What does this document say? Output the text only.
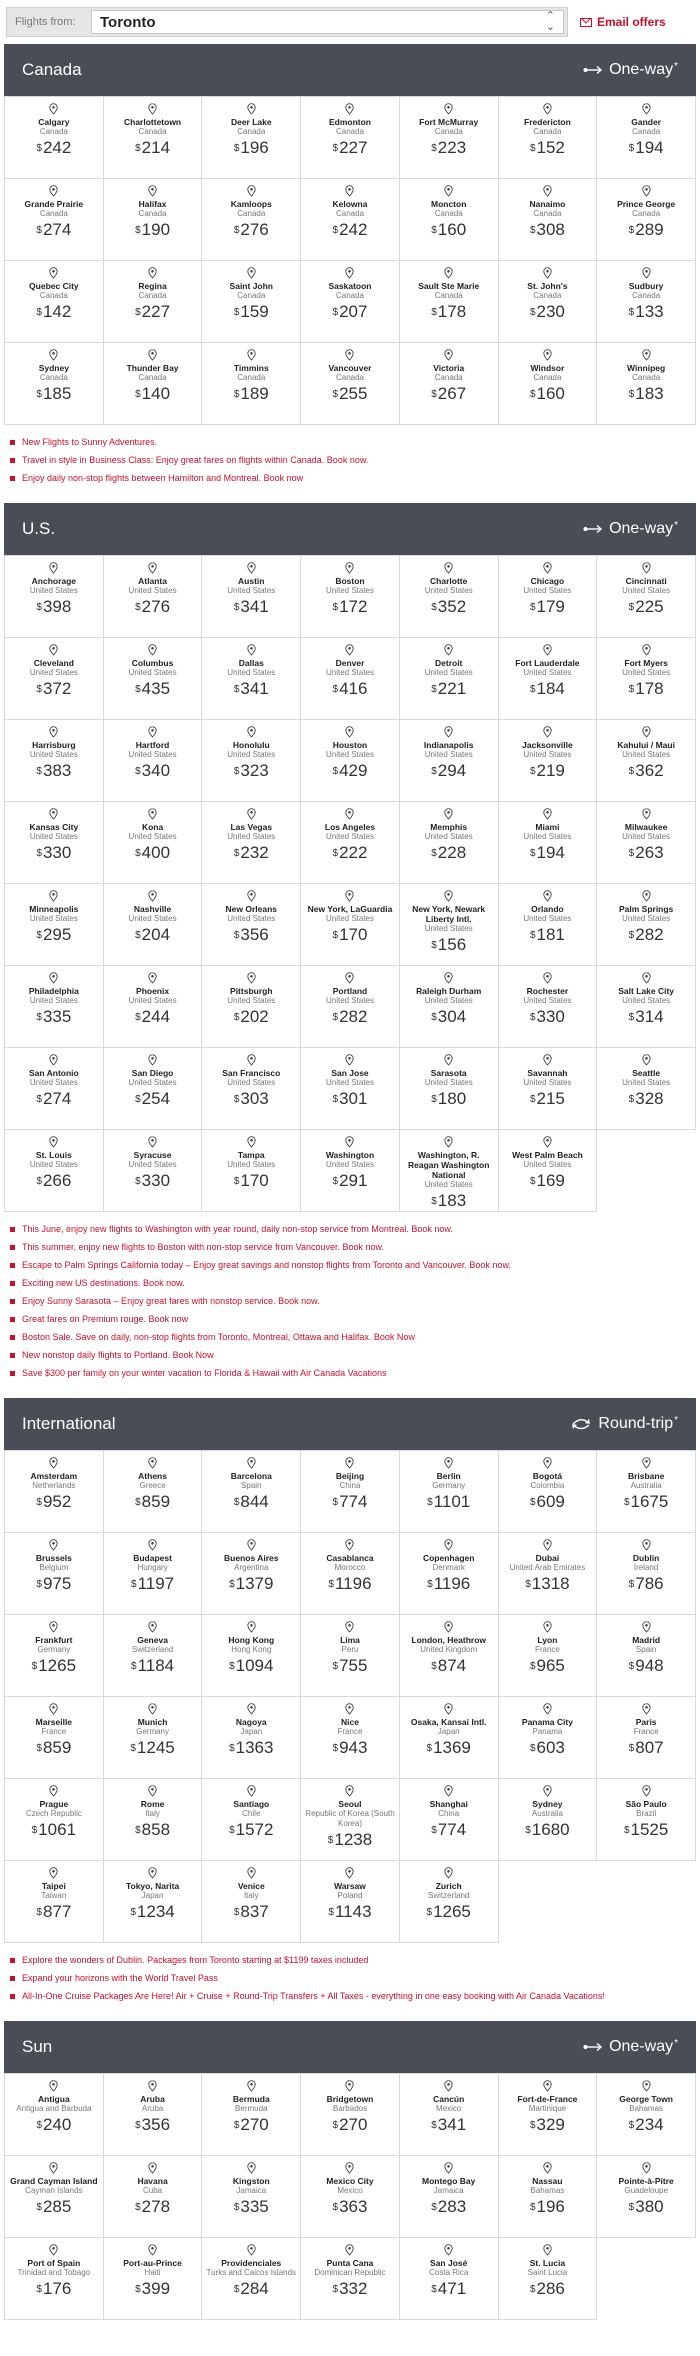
Flights from:	Toronto	⌃
⌄	Email offers
Canada	One-way *
Calgary
Canada
$242
Charlottetown
Canada
$214
Deer Lake
Canada
$196
Edmonton
Canada
$227
Fort McMurray
Canada
$223
Fredericton
Canada
$152
Gander
Canada
$194
Grande Prairie
Canada
$274
Halifax
Canada
$190
Kamloops
Canada
$276
Kelowna
Canada
$242
Moncton
Canada
$160
Nanaimo
Canada
$308
Prince George
Canada
$289
Quebec City
Canada
$142
Regina
Canada
$227
Saint John
Canada
$159
Saskatoon
Canada
$207
Sault Ste Marie
Canada
$178
St. John's
Canada
$230
Sudbury
Canada
$133
Sydney
Canada
$185
Thunder Bay
Canada
$140
Timmins
Canada
$189
Vancouver
Canada
$255
Victoria
Canada
$267
Windsor
Canada
$160
Winnipeg
Canada
$183
New Flights to Sunny Adventures.
Travel in style in Business Class: Enjoy great fares on flights within Canada. Book now.
Enjoy daily non-stop flights between Hamilton and Montreal. Book now
U.S.	One-way *
Anchorage
United States
$398
Atlanta
United States
$276
Austin
United States
$341
Boston
United States
$172
Charlotte
United States
$352
Chicago
United States
$179
Cincinnati
United States
$225
Cleveland
United States
$372
Columbus
United States
$435
Dallas
United States
$341
Denver
United States
$416
Detroit
United States
$221
Fort Lauderdale
United States
$184
Fort Myers
United States
$178
Harrisburg
United States
$383
Hartford
United States
$340
Honolulu
United States
$323
Houston
United States
$429
Indianapolis
United States
$294
Jacksonville
United States
$219
Kahului / Maui
United States
$362
Kansas City
United States
$330
Kona
United States
$400
Las Vegas
United States
$232
Los Angeles
United States
$222
Memphis
United States
$228
Miami
United States
$194
Milwaukee
United States
$263
Minneapolis
United States
$295
Nashville
United States
$204
New Orleans
United States
$356
New York, LaGuardia
United States
$170
New York, Newark Liberty Intl.
United States
$156
Orlando
United States
$181
Palm Springs
United States
$282
Philadelphia
United States
$335
Phoenix
United States
$244
Pittsburgh
United States
$202
Portland
United States
$282
Raleigh Durham
United States
$304
Rochester
United States
$330
Salt Lake City
United States
$314
San Antonio
United States
$274
San Diego
United States
$254
San Francisco
United States
$303
San Jose
United States
$301
Sarasota
United States
$180
Savannah
United States
$215
Seattle
United States
$328
St. Louis
United States
$266
Syracuse
United States
$330
Tampa
United States
$170
Washington
United States
$291
Washington, R. Reagan Washington National
United States
$183
West Palm Beach
United States
$169
This June, enjoy new flights to Washington with year round, daily non-stop service from Montreal. Book now.
This summer, enjoy new flights to Boston with non-stop service from Vancouver. Book now.
Escape to Palm Springs California today – Enjoy great savings and nonstop flights from Toronto and Vancouver. Book now.
Exciting new US destinations. Book now.
Enjoy Sunny Sarasota – Enjoy great fares with nonstop service. Book now.
Great fares on Premium rouge. Book now
Boston Sale. Save on daily, non-stop flights from Toronto, Montreal, Ottawa and Halifax. Book Now
New nonstop daily flights to Portland. Book Now
Save $300 per family on your winter vacation to Florida & Hawaii with Air Canada Vacations
International	Round-trip *
Amsterdam
Netherlands
$952
Athens
Greece
$859
Barcelona
Spain
$844
Beijing
China
$774
Berlin
Germany
$1101
Bogotá
Colombia
$609
Brisbane
Australia
$1675
Brussels
Belgium
$975
Budapest
Hungary
$1197
Buenos Aires
Argentina
$1379
Casablanca
Morocco
$1196
Copenhagen
Denmark
$1196
Dubai
United Arab Emirates
$1318
Dublin
Ireland
$786
Frankfurt
Germany
$1265
Geneva
Switzerland
$1184
Hong Kong
Hong Kong
$1094
Lima
Peru
$755
London, Heathrow
United Kingdom
$874
Lyon
France
$965
Madrid
Spain
$948
Marseille
France
$859
Munich
Germany
$1245
Nagoya
Japan
$1363
Nice
France
$943
Osaka, Kansai Intl.
Japan
$1369
Panama City
Panama
$603
Paris
France
$807
Prague
Czech Republic
$1061
Rome
Italy
$858
Santiago
Chile
$1572
Seoul
Republic of Korea (South Korea)
$1238
Shanghai
China
$774
Sydney
Australia
$1680
São Paulo
Brazil
$1525
Taipei
Taiwan
$877
Tokyo, Narita
Japan
$1234
Venice
Italy
$837
Warsaw
Poland
$1143
Zurich
Switzerland
$1265
Explore the wonders of Dublin. Packages from Toronto starting at $1199 taxes included
Expand your horizons with the World Travel Pass
All-In-One Cruise Packages Are Here! Air + Cruise + Round-Trip Transfers + All Taxes - everything in one easy booking with Air Canada Vacations!
Sun	One-way *
Antigua
Antigua and Barbuda
$240
Aruba
Aruba
$356
Bermuda
Bermuda
$270
Bridgetown
Barbados
$270
Cancún
Mexico
$341
Fort-de-France
Martinique
$329
George Town
Bahamas
$234
Grand Cayman Island
Cayman Islands
$285
Havana
Cuba
$278
Kingston
Jamaica
$335
Mexico City
Mexico
$363
Montego Bay
Jamaica
$283
Nassau
Bahamas
$196
Pointe-à-Pitre
Guadeloupe
$380
Port of Spain
Trinidad and Tobago
$176
Port-au-Prince
Haiti
$399
Providenciales
Turks and Caicos Islands
$284
Punta Cana
Dominican Republic
$332
San José
Costa Rica
$471
St. Lucia
Saint Lucia
$286
